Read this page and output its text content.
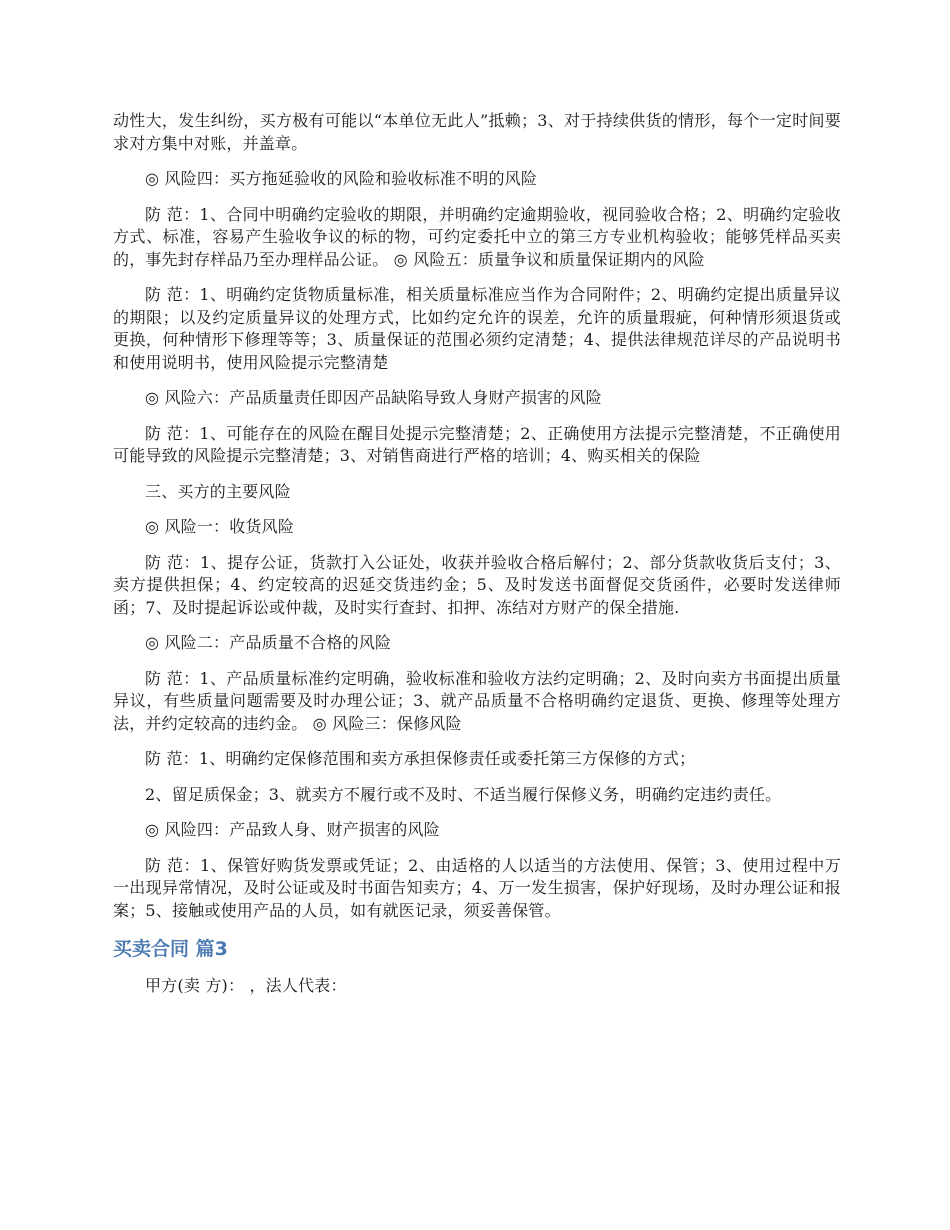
动性大，发生纠纷，买方极有可能以“本单位无此人”抵赖；3、对于持续供货的情形，每个一定时间要求对方集中对账，并盖章。

◎ 风险四：买方拖延验收的风险和验收标准不明的风险

防 范：1、合同中明确约定验收的期限，并明确约定逾期验收，视同验收合格；2、明确约定验收方式、标准，容易产生验收争议的标的物，可约定委托中立的第三方专业机构验收；能够凭样品买卖的，事先封存样品乃至办理样品公证。 ◎ 风险五：质量争议和质量保证期内的风险

防 范：1、明确约定货物质量标准，相关质量标准应当作为合同附件；2、明确约定提出质量异议的期限；以及约定质量异议的处理方式，比如约定允许的误差，允许的质量瑕疵，何种情形须退货或更换，何种情形下修理等等；3、质量保证的范围必须约定清楚；4、提供法律规范详尽的产品说明书和使用说明书，使用风险提示完整清楚

◎ 风险六：产品质量责任即因产品缺陷导致人身财产损害的风险

防 范：1、可能存在的风险在醒目处提示完整清楚；2、正确使用方法提示完整清楚，不正确使用可能导致的风险提示完整清楚；3、对销售商进行严格的培训；4、购买相关的保险

三、买方的主要风险

◎ 风险一：收货风险

防 范：1、提存公证，货款打入公证处，收获并验收合格后解付；2、部分货款收货后支付；3、卖方提供担保；4、约定较高的迟延交货违约金；5、及时发送书面督促交货函件，必要时发送律师函；7、及时提起诉讼或仲裁，及时实行查封、扣押、冻结对方财产的保全措施.

◎ 风险二：产品质量不合格的风险

防 范：1、产品质量标准约定明确，验收标准和验收方法约定明确；2、及时向卖方书面提出质量异议，有些质量问题需要及时办理公证；3、就产品质量不合格明确约定退货、更换、修理等处理方法，并约定较高的违约金。 ◎ 风险三：保修风险

防 范：1、明确约定保修范围和卖方承担保修责任或委托第三方保修的方式；

2、留足质保金；3、就卖方不履行或不及时、不适当履行保修义务，明确约定违约责任。

◎ 风险四：产品致人身、财产损害的风险

防 范：1、保管好购货发票或凭证；2、由适格的人以适当的方法使用、保管；3、使用过程中万一出现异常情况，及时公证或及时书面告知卖方；4、万一发生损害，保护好现场，及时办理公证和报案；5、接触或使用产品的人员，如有就医记录，须妥善保管。

买卖合同 篇3

甲方(卖 方)： ，法人代表：
